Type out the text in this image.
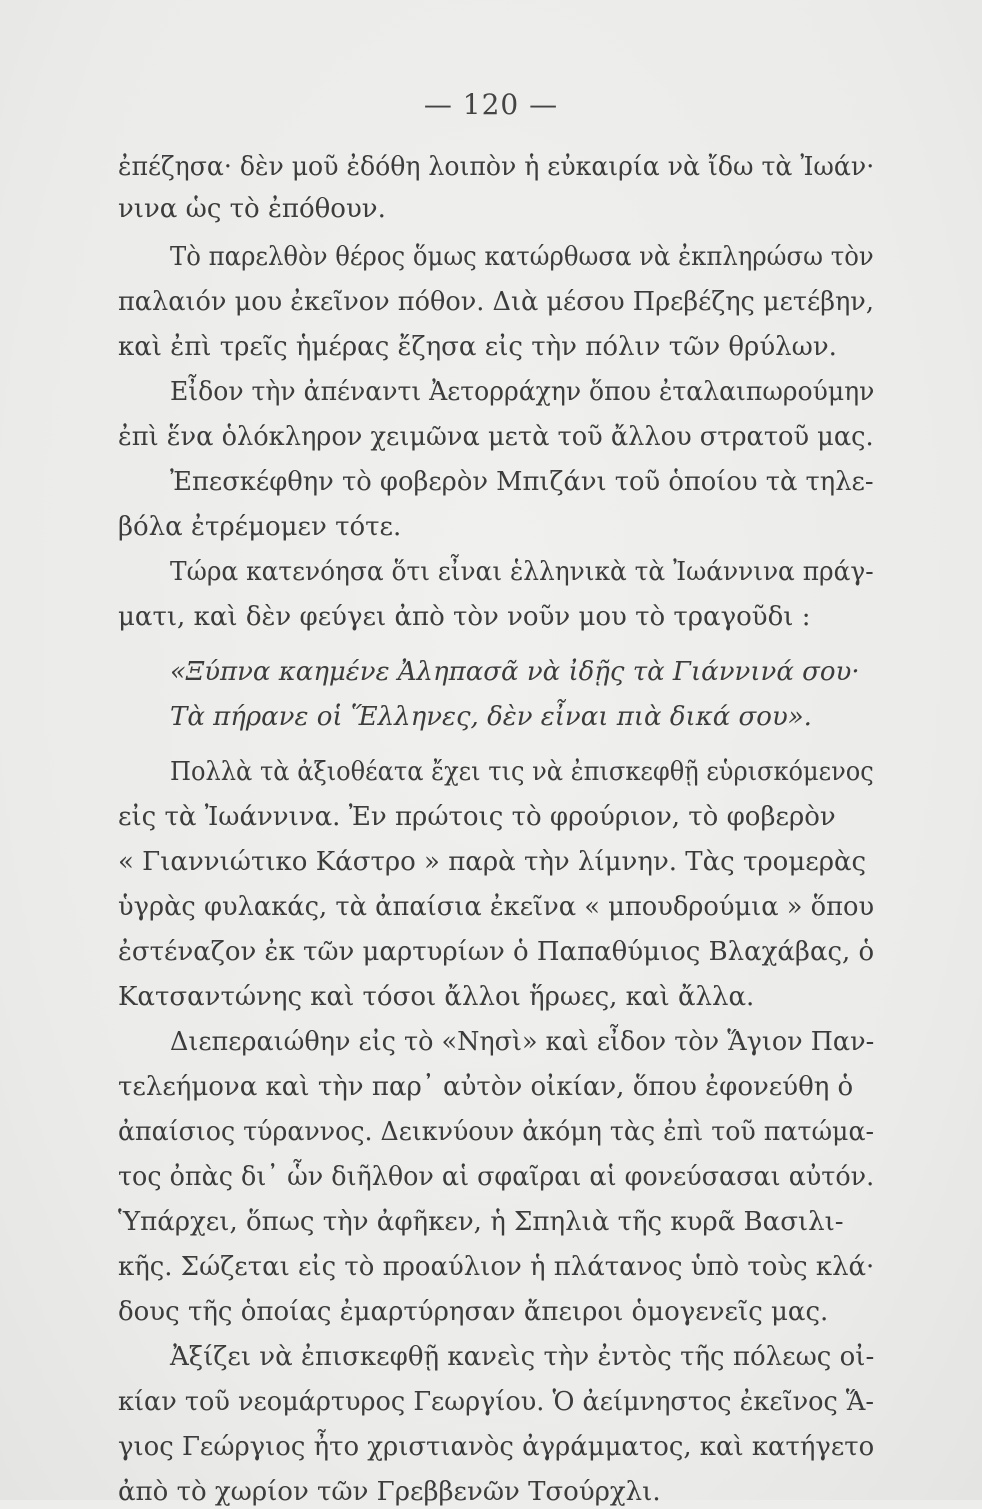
— 120 —
ἐπέζησα· δὲν μοῦ ἐδόθη λοιπὸν ἡ εὐκαιρία νὰ ἴδω τὰ Ἰωάν·
νινα ὡς τὸ ἐπόθουν.
Τὸ παρελθὸν θέρος ὅμως κατώρθωσα νὰ ἐκπληρώσω τὸν
παλαιόν μου ἐκεῖνον πόθον. Διὰ μέσου Πρεβέζης μετέβην,
καὶ ἐπὶ τρεῖς ἡμέρας ἔζησα εἰς τὴν πόλιν τῶν θρύλων.
Εἶδον τὴν ἀπέναντι Ἀετορράχην ὅπου ἐταλαιπωρούμην
ἐπὶ ἕνα ὁλόκληρον χειμῶνα μετὰ τοῦ ἄλλου στρατοῦ μας.
Ἐπεσκέφθην τὸ φοβερὸν Μπιζάνι τοῦ ὁποίου τὰ τηλε-
βόλα ἐτρέμομεν τότε.
Τώρα κατενόησα ὅτι εἶναι ἑλληνικὰ τὰ Ἰωάννινα πράγ-
ματι, καὶ δὲν φεύγει ἀπὸ τὸν νοῦν μου τὸ τραγοῦδι :
«Ξύπνα καημένε Ἀληπασᾶ νὰ ἰδῇς τὰ Γιάννινά σου·
Τὰ πήρανε οἱ Ἕλληνες, δὲν εἶναι πιὰ δικά σου».
Πολλὰ τὰ ἀξιοθέατα ἔχει τις νὰ ἐπισκεφθῇ εὑρισκόμενος
εἰς τὰ Ἰωάννινα. Ἐν πρώτοις τὸ φρούριον, τὸ φοβερὸν
« Γιαννιώτικο Κάστρο » παρὰ τὴν λίμνην. Τὰς τρομερὰς
ὑγρὰς φυλακάς, τὰ ἀπαίσια ἐκεῖνα « μπουδρούμια » ὅπου
ἐστέναζον ἐκ τῶν μαρτυρίων ὁ Παπαθύμιος Βλαχάβας, ὁ
Κατσαντώνης καὶ τόσοι ἄλλοι ἥρωες, καὶ ἄλλα.
Διεπεραιώθην εἰς τὸ «Νησὶ» καὶ εἶδον τὸν Ἅγιον Παν-
τελεήμονα καὶ τὴν παρ᾽ αὐτὸν οἰκίαν, ὅπου ἐφονεύθη ὁ
ἀπαίσιος τύραννος. Δεικνύουν ἀκόμη τὰς ἐπὶ τοῦ πατώμα-
τος ὀπὰς δι᾽ ὧν διῆλθον αἱ σφαῖραι αἱ φονεύσασαι αὐτόν.
Ὑπάρχει, ὅπως τὴν ἀφῆκεν, ἡ Σπηλιὰ τῆς κυρᾶ Βασιλι-
κῆς. Σώζεται εἰς τὸ προαύλιον ἡ πλάτανος ὑπὸ τοὺς κλά·
δους τῆς ὁποίας ἐμαρτύρησαν ἄπειροι ὁμογενεῖς μας.
Ἀξίζει νὰ ἐπισκεφθῇ κανεὶς τὴν ἐντὸς τῆς πόλεως οἰ-
κίαν τοῦ νεομάρτυρος Γεωργίου. Ὁ ἀείμνηστος ἐκεῖνος Ἅ-
γιος Γεώργιος ἦτο χριστιανὸς ἀγράμματος, καὶ κατήγετο
ἀπὸ τὸ χωρίον τῶν Γρεββενῶν Τσούρχλι.
